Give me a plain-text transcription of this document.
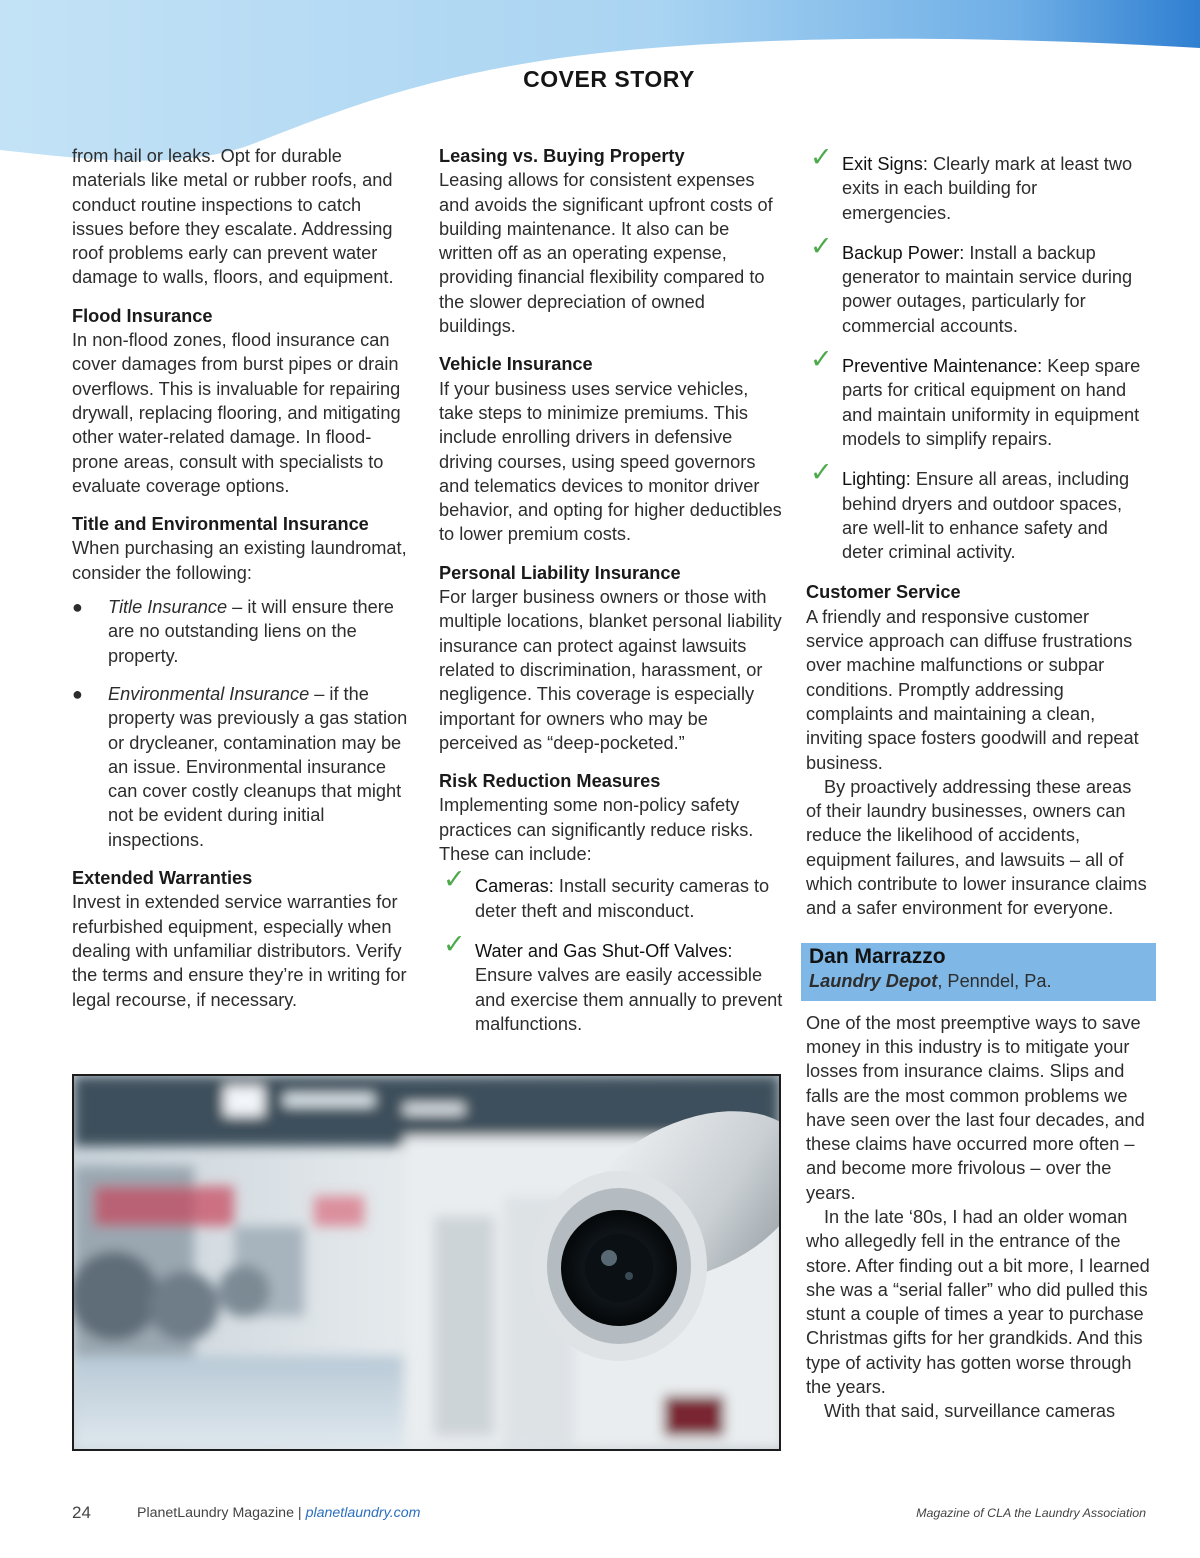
COVER STORY

from hail or leaks. Opt for durable materials like metal or rubber roofs, and conduct routine inspections to catch issues before they escalate. Addressing roof problems early can prevent water damage to walls, floors, and equipment.

Flood Insurance

In non-flood zones, flood insurance can cover damages from burst pipes or drain overflows. This is invaluable for repairing drywall, replacing flooring, and mitigating other water-related damage. In flood-prone areas, consult with specialists to evaluate coverage options.

Title and Environmental Insurance

When purchasing an existing laundromat, consider the following:

● Title Insurance – it will ensure there are no outstanding liens on the property.
● Environmental Insurance – if the property was previously a gas station or drycleaner, contamination may be an issue. Environmental insurance can cover costly cleanups that might not be evident during initial inspections.
Extended Warranties

Invest in extended service warranties for refurbished equipment, especially when dealing with unfamiliar distributors. Verify the terms and ensure they’re in writing for legal recourse, if necessary.

Leasing vs. Buying Property

Leasing allows for consistent expenses and avoids the significant upfront costs of building maintenance. It also can be written off as an operating expense, providing financial flexibility compared to the slower depreciation of owned buildings.

Vehicle Insurance

If your business uses service vehicles, take steps to minimize premiums. This include enrolling drivers in defensive driving courses, using speed governors and telematics devices to monitor driver behavior, and opting for higher deductibles to lower premium costs.

Personal Liability Insurance

For larger business owners or those with multiple locations, blanket personal liability insurance can protect against lawsuits related to discrimination, harassment, or negligence. This coverage is especially important for owners who may be perceived as “deep-pocketed.”

Risk Reduction Measures

Implementing some non-policy safety practices can significantly reduce risks. These can include:

✓ Cameras: Install security cameras to deter theft and misconduct.
✓ Water and Gas Shut-Off Valves: Ensure valves are easily accessible and exercise them annually to prevent malfunctions.
✓ Exit Signs: Clearly mark at least two exits in each building for emergencies.
✓ Backup Power: Install a backup generator to maintain service during power outages, particularly for commercial accounts.
✓ Preventive Maintenance: Keep spare parts for critical equipment on hand and maintain uniformity in equipment models to simplify repairs.
✓ Lighting: Ensure all areas, including behind dryers and outdoor spaces, are well-lit to enhance safety and deter criminal activity.
Customer Service

A friendly and responsive customer service approach can diffuse frustrations over machine malfunctions or subpar conditions. Promptly addressing complaints and maintaining a clean, inviting space fosters goodwill and repeat business.

By proactively addressing these areas of their laundry businesses, owners can reduce the likelihood of accidents, equipment failures, and lawsuits – all of which contribute to lower insurance claims and a safer environment for everyone.

Dan Marrazzo
Laundry Depot, Penndel, Pa.

One of the most preemptive ways to save money in this industry is to mitigate your losses from insurance claims. Slips and falls are the most common problems we have seen over the last four decades, and these claims have occurred more often – and become more frivolous – over the years.

In the late ‘80s, I had an older woman who allegedly fell in the entrance of the store. After finding out a bit more, I learned she was a “serial faller” who did pulled this stunt a couple of times a year to purchase Christmas gifts for her grandkids. And this type of activity has gotten worse through the years.

With that said, surveillance cameras

24	PlanetLaundry Magazine | planetlaundry.com	Magazine of CLA the Laundry Association
